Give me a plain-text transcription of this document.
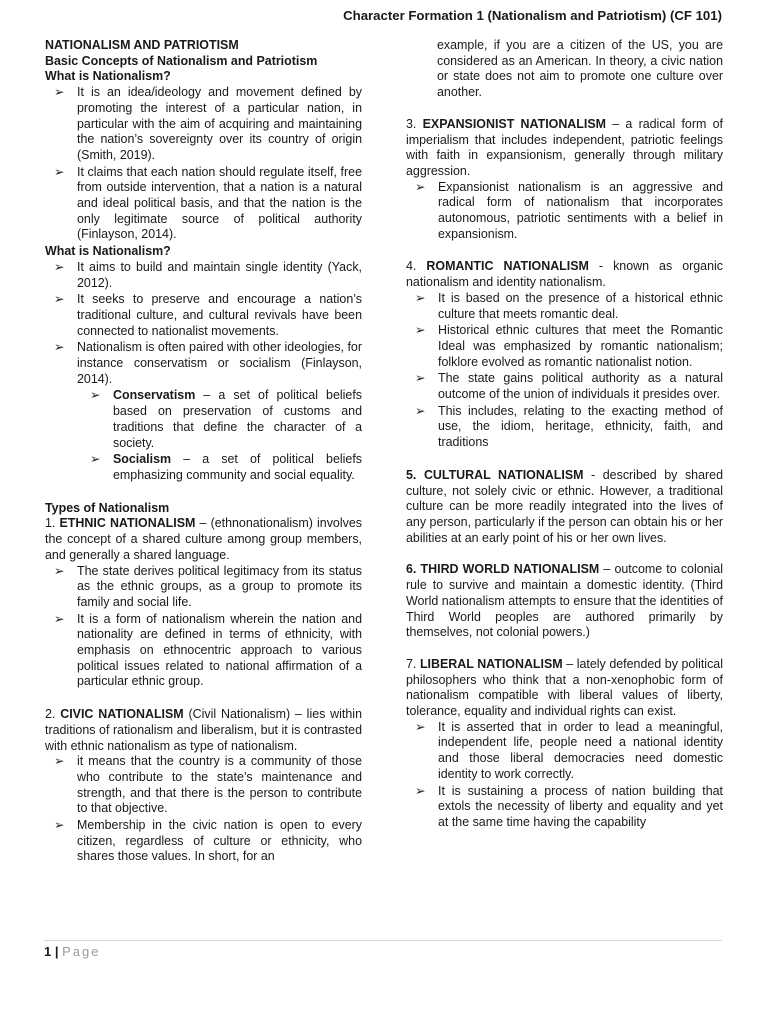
Character Formation 1 (Nationalism and Patriotism) (CF 101)

NATIONALISM AND PATRIOTISM

Basic Concepts of Nationalism and Patriotism

What is Nationalism?

➢ It is an idea/ideology and movement defined by promoting the interest of a particular nation, in particular with the aim of acquiring and maintaining the nation’s sovereignty over its country of origin (Smith, 2019).
➢ It claims that each nation should regulate itself, free from outside intervention, that a nation is a natural and ideal political basis, and that the nation is the only legitimate source of political authority (Finlayson, 2014).

What is Nationalism?

➢ It aims to build and maintain single identity (Yack, 2012).
➢ It seeks to preserve and encourage a nation’s traditional culture, and cultural revivals have been connected to nationalist movements.
➢ Nationalism is often paired with other ideologies, for instance conservatism or socialism (Finlayson, 2014).
➢ Conservatism – a set of political beliefs based on preservation of customs and traditions that define the character of a society.
➢ Socialism – a set of political beliefs emphasizing community and social equality.

Types of Nationalism

1. ETHNIC NATIONALISM – (ethnonationalism) involves the concept of a shared culture among group members, and generally a shared language.

➢ The state derives political legitimacy from its status as the ethnic groups, as a group to promote its family and social life.
➢ It is a form of nationalism wherein the nation and nationality are defined in terms of ethnicity, with emphasis on ethnocentric approach to various political issues related to national affirmation of a particular ethnic group.

2. CIVIC NATIONALISM (Civil Nationalism) – lies within traditions of rationalism and liberalism, but it is contrasted with ethnic nationalism as type of nationalism.

➢ it means that the country is a community of those who contribute to the state’s maintenance and strength, and that there is the person to contribute to that objective.
➢ Membership in the civic nation is open to every citizen, regardless of culture or ethnicity, who shares those values. In short, for an

example, if you are a citizen of the US, you are considered as an American. In theory, a civic nation or state does not aim to promote one culture over another.

3. EXPANSIONIST NATIONALISM – a radical form of imperialism that includes independent, patriotic feelings with faith in expansionism, generally through military aggression.

➢ Expansionist nationalism is an aggressive and radical form of nationalism that incorporates autonomous, patriotic sentiments with a belief in expansionism.

4. ROMANTIC NATIONALISM - known as organic nationalism and identity nationalism.

➢ It is based on the presence of a historical ethnic culture that meets romantic deal.
➢ Historical ethnic cultures that meet the Romantic Ideal was emphasized by romantic nationalism; folklore evolved as romantic nationalist notion.
➢ The state gains political authority as a natural outcome of the union of individuals it presides over.
➢ This includes, relating to the exacting method of use, the idiom, heritage, ethnicity, faith, and traditions

5. CULTURAL NATIONALISM - described by shared culture, not solely civic or ethnic. However, a traditional culture can be more readily integrated into the lives of any person, particularly if the person can obtain his or her abilities at an early point of his or her own lives.

6. THIRD WORLD NATIONALISM – outcome to colonial rule to survive and maintain a domestic identity. (Third World nationalism attempts to ensure that the identities of Third World peoples are authored primarily by themselves, not colonial powers.)

7. LIBERAL NATIONALISM – lately defended by political philosophers who think that a non-xenophobic form of nationalism compatible with liberal values of liberty, tolerance, equality and individual rights can exist.

➢ It is asserted that in order to lead a meaningful, independent life, people need a national identity and those liberal democracies need domestic identity to work correctly.
➢ It is sustaining a process of nation building that extols the necessity of liberty and equality and yet at the same time having the capability
1 | Page
